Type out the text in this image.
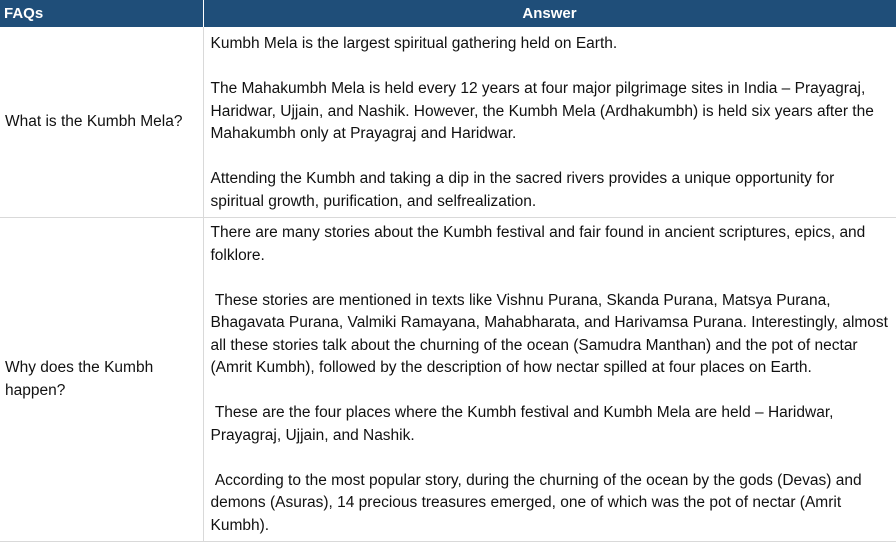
FAQs	Answer
What is the Kumbh Mela?	Kumbh Mela is the largest spiritual gathering held on Earth.

The Mahakumbh Mela is held every 12 years at four major pilgrimage sites in India – Prayagraj, Haridwar, Ujjain, and Nashik. However, the Kumbh Mela (Ardhakumbh) is held six years after the Mahakumbh only at Prayagraj and Haridwar.

Attending the Kumbh and taking a dip in the sacred rivers provides a unique opportunity for spiritual growth, purification, and selfrealization.

Why does the Kumbh happen?	There are many stories about the Kumbh festival and fair found in ancient scriptures, epics, and folklore.

These stories are mentioned in texts like Vishnu Purana, Skanda Purana, Matsya Purana, Bhagavata Purana, Valmiki Ramayana, Mahabharata, and Harivamsa Purana. Interestingly, almost all these stories talk about the churning of the ocean (Samudra Manthan) and the pot of nectar (Amrit Kumbh), followed by the description of how nectar spilled at four places on Earth.

These are the four places where the Kumbh festival and Kumbh Mela are held – Haridwar, Prayagraj, Ujjain, and Nashik.

According to the most popular story, during the churning of the ocean by the gods (Devas) and demons (Asuras), 14 precious treasures emerged, one of which was the pot of nectar (Amrit Kumbh).
